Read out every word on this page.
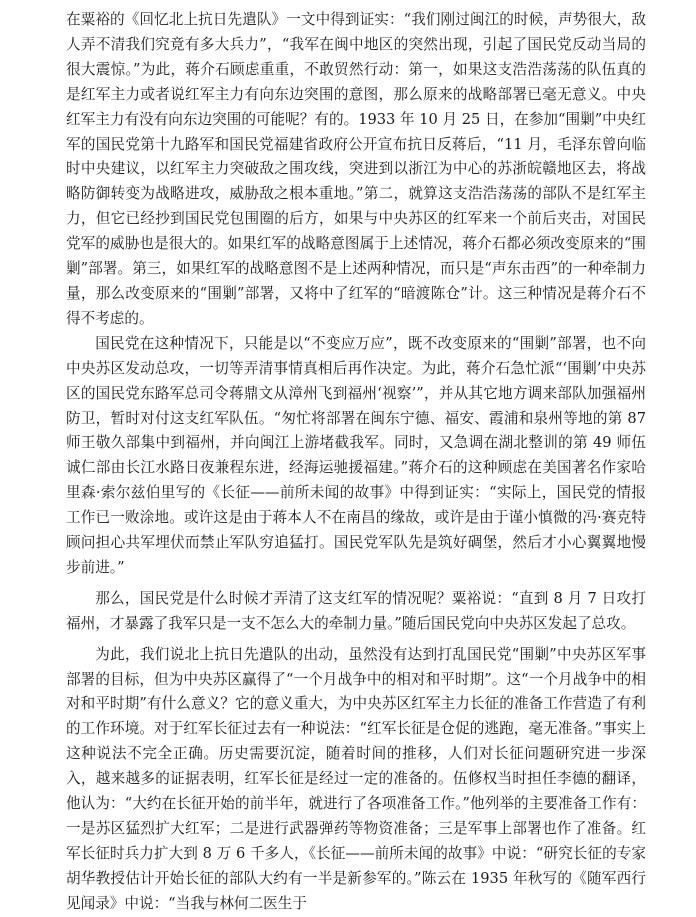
在粟裕的《回忆北上抗日先遣队》一文中得到证实：“我们刚过闽江的时候，声势很大，敌人弄不清我们究竟有多大兵力”，“我军在闽中地区的突然出现，引起了国民党反动当局的很大震惊。”为此，蒋介石顾虑重重，不敢贸然行动：第一，如果这支浩浩荡荡的队伍真的是红军主力或者说红军主力有向东边突围的意图，那么原来的战略部署已毫无意义。中央红军主力有没有向东边突围的可能呢？有的。1933 年 10 月 25 日，在参加“围剿”中央红军的国民党第十九路军和国民党福建省政府公开宣布抗日反蒋后，“11 月，毛泽东曾向临时中央建议，以红军主力突破敌之围攻线，突进到以浙江为中心的苏浙皖赣地区去，将战略防御转变为战略进攻，威胁敌之根本重地。”第二，就算这支浩浩荡荡的部队不是红军主力，但它已经抄到国民党包围圈的后方，如果与中央苏区的红军来一个前后夹击，对国民党军的威胁也是很大的。如果红军的战略意图属于上述情况，蒋介石都必须改变原来的“围剿”部署。第三，如果红军的战略意图不是上述两种情况，而只是“声东击西”的一种牵制力量，那么改变原来的“围剿”部署，又将中了红军的“暗渡陈仓”计。这三种情况是蒋介石不得不考虑的。

国民党在这种情况下，只能是以“不变应万应”，既不改变原来的“围剿”部署，也不向中央苏区发动总攻，一切等弄清事情真相后再作决定。为此，蒋介石急忙派“‘围剿’中央苏区的国民党东路军总司令蒋鼎文从漳州飞到福州‘视察’”，并从其它地方调来部队加强福州防卫，暂时对付这支红军队伍。“匆忙将部署在闽东宁德、福安、霞浦和泉州等地的第 87 师王敬久部集中到福州，并向闽江上游堵截我军。同时，又急调在湖北整训的第 49 师伍诚仁部由长江水路日夜兼程东进，经海运驰援福建。”蒋介石的这种顾虑在美国著名作家哈里森·索尔兹伯里写的《长征——前所未闻的故事》中得到证实：“实际上，国民党的情报工作已一败涂地。或许这是由于蒋本人不在南昌的缘故，或许是由于谨小慎微的冯·赛克特顾问担心共军埋伏而禁止军队穷追猛打。国民党军队先是筑好碉堡，然后才小心翼翼地慢步前进。”

那么，国民党是什么时候才弄清了这支红军的情况呢？粟裕说：“直到 8 月 7 日攻打福州，才暴露了我军只是一支不怎么大的牵制力量。”随后国民党向中央苏区发起了总攻。

为此，我们说北上抗日先遣队的出动，虽然没有达到打乱国民党“围剿”中央苏区军事部署的目标，但为中央苏区赢得了“一个月战争中的相对和平时期”。这“一个月战争中的相对和平时期”有什么意义？它的意义重大，为中央苏区红军主力长征的准备工作营造了有利的工作环境。对于红军长征过去有一种说法：“红军长征是仓促的逃跑，毫无准备。”事实上这种说法不完全正确。历史需要沉淀，随着时间的推移，人们对长征问题研究进一步深入，越来越多的证据表明，红军长征是经过一定的准备的。伍修权当时担任李德的翻译，他认为：“大约在长征开始的前半年，就进行了各项准备工作。”他列举的主要准备工作有：一是苏区猛烈扩大红军；二是进行武器弹药等物资准备；三是军事上部署也作了准备。红军长征时兵力扩大到 8 万 6 千多人，《长征——前所未闻的故事》中说：“研究长征的专家胡华教授估计开始长征的部队大约有一半是新参军的。”陈云在 1935 年秋写的《随军西行见闻录》中说：“当我与林何二医生于
